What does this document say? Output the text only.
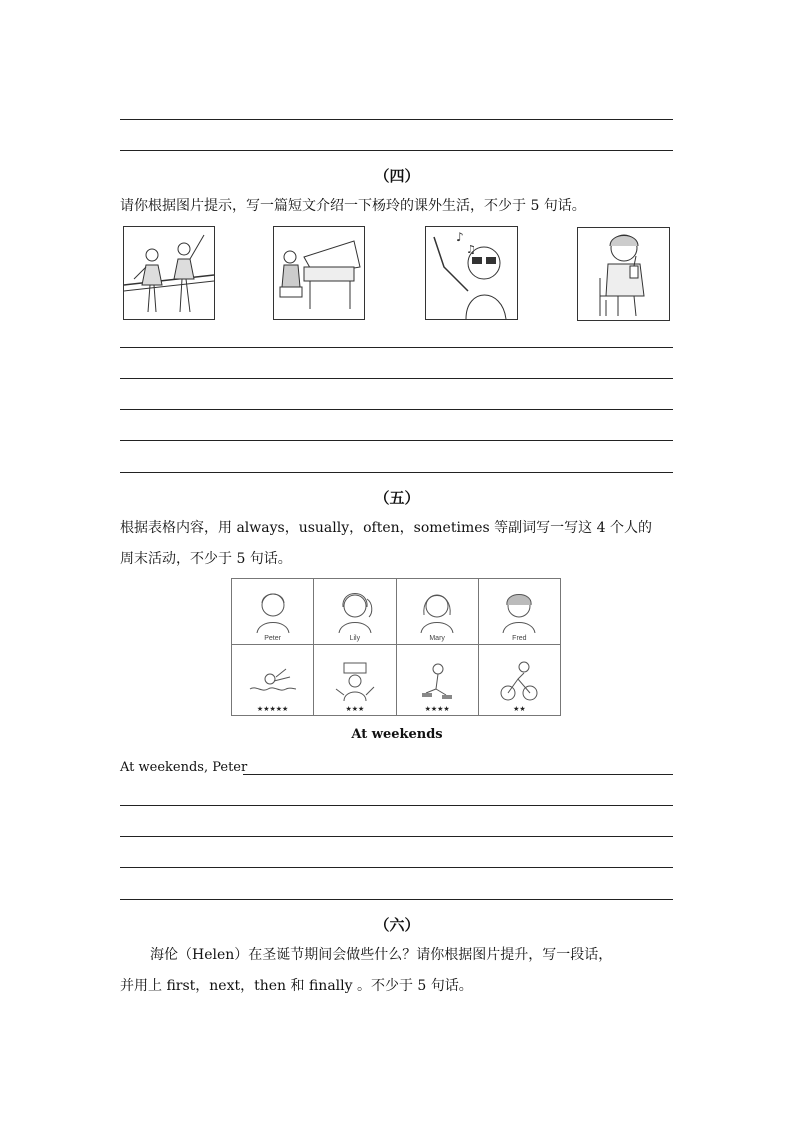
（四）
请你根据图片提示，写一篇短文介绍一下杨玲的课外生活，不少于 5 句话。
♪
♫
（五）
根据表格内容，用 always，usually，often，sometimes 等副词写一写这 4 个人的
周末活动，不少于 5 句话。
Peter	Lily	Mary	Fred

★★★★★	★★★	★★★★	★★
At weekends
At weekends, Peter
（六）
海伦（Helen）在圣诞节期间会做些什么？请你根据图片提升，写一段话，
并用上 first，next，then 和 finally 。不少于 5 句话。
